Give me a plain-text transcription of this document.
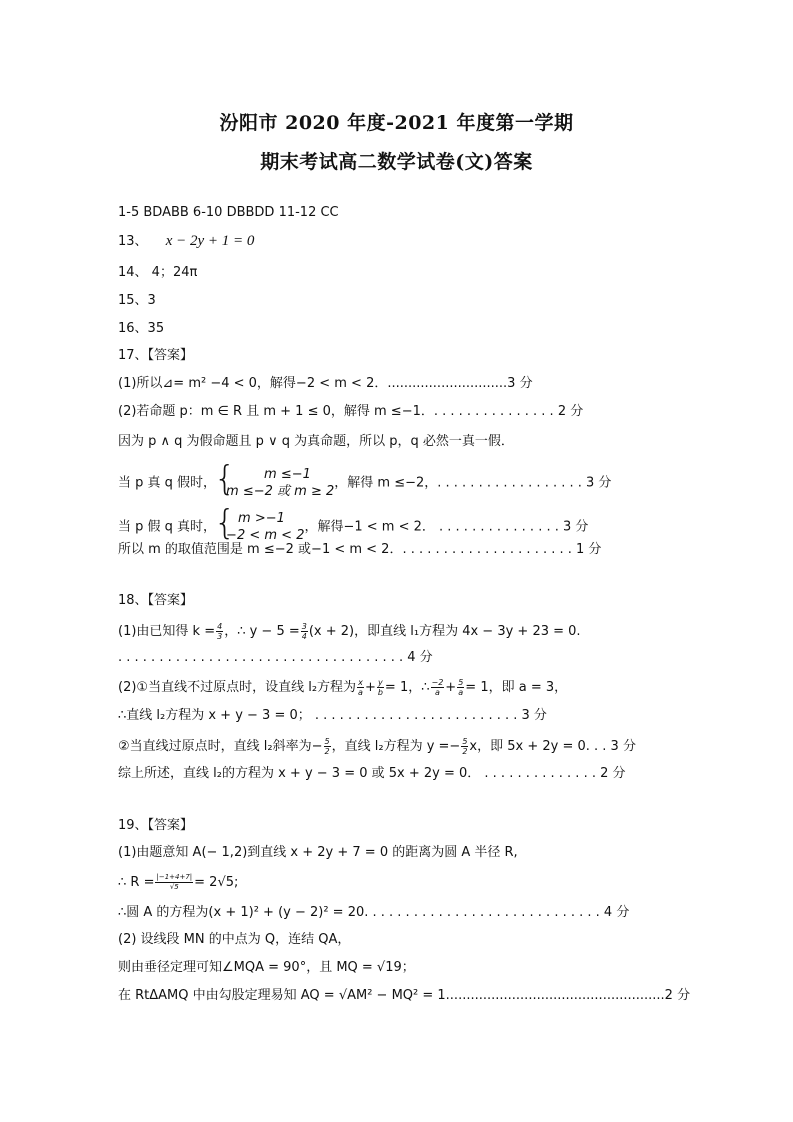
汾阳市 2020 年度-2021 年度第一学期
期末考试高二数学试卷(文)答案
1-5 BDABB 6-10 DBBDD 11-12 CC
13、 x − 2y + 1 = 0
14、 4；24π
15、3
16、35
17、【答案】
(1)所以⊿= m² −4 < 0，解得−2 < m < 2．.............................3 分
(2)若命题 p：m ∈ R 且 m + 1 ≤ 0，解得 m ≤−1．. . . . . . . . . . . . . . . 2 分
因为 p ∧ q 为假命题且 p ∨ q 为真命题，所以 p，q 必然一真一假．
当 p 真 q 假时，
{ m ≤−1
m ≤−2 或 m ≥ 2
，解得 m ≤−2，. . . . . . . . . . . . . . . . . . 3 分
当 p 假 q 真时，
{ m >−1
−2 < m < 2
，解得−1 < m < 2． . . . . . . . . . . . . . . . 3 分
所以 m 的取值范围是 m ≤−2 或−1 < m < 2．. . . . . . . . . . . . . . . . . . . . . 1 分
18、【答案】
(1)由已知得 $k = \frac{4}{3}$ ，∴ $y - 5 = \frac{3}{4} (x + 2)$，即直线 l₁方程为 4x − 3y + 23 = 0.
. . . . . . . . . . . . . . . . . . . . . . . . . . . . . . . . . . . 4 分
(2)①当直线不过原点时，设直线 l₂方程为 $\frac{x}{a} + \frac{y}{b} = 1$，∴ $\frac{-2}{a} + \frac{5}{a} = 1$，即 a = 3，
∴直线 l₂方程为 x + y − 3 = 0； . . . . . . . . . . . . . . . . . . . . . . . . . 3 分
②当直线过原点时，直线 l₂斜率为− $\frac{5}{2}$ ，直线 l₂方程为 $y =- \frac{5}{2}$ x，即 5x + 2y = 0. . . 3 分
综上所述，直线 l₂的方程为 x + y − 3 = 0 或 5x + 2y = 0． . . . . . . . . . . . . . . 2 分
19、【答案】
(1)由题意知 A(− 1,2)到直线 x + 2y + 7 = 0 的距离为圆 A 半径 R,
∴ $R = \frac{|-1+4+7|}{√5} = 2√5$;
∴圆 A 的方程为(x + 1)² + (y − 2)² = 20. . . . . . . . . . . . . . . . . . . . . . . . . . . . . 4 分
(2) 设线段 MN 的中点为 Q，连结 QA，
则由垂径定理可知∠MQA = 90°，且 MQ = √19；
在 RtΔAMQ 中由勾股定理易知 AQ = √AM² − MQ² = 1.....................................................2 分
